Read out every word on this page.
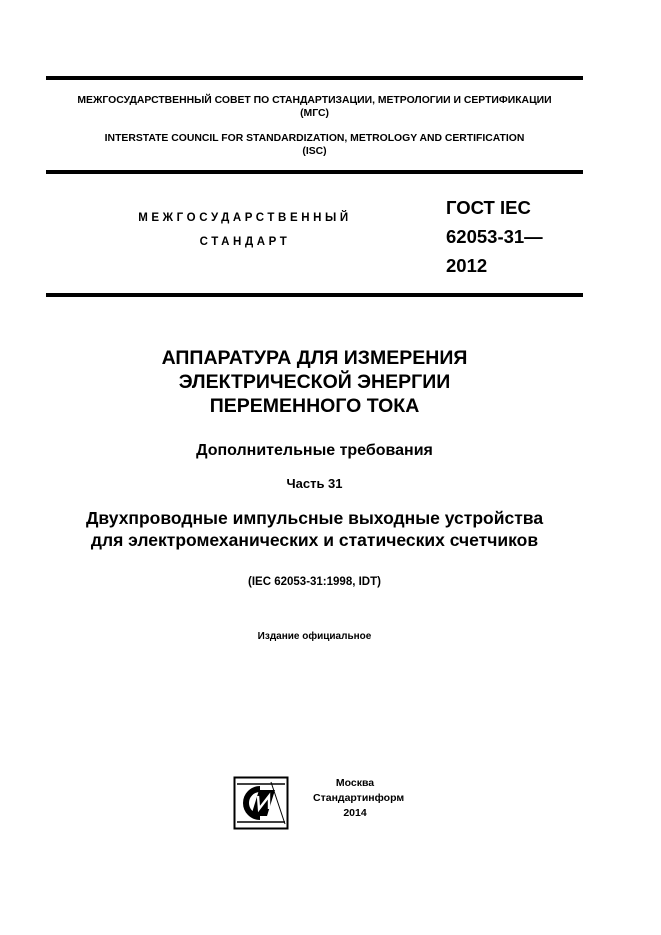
МЕЖГОСУДАРСТВЕННЫЙ СОВЕТ ПО СТАНДАРТИЗАЦИИ, МЕТРОЛОГИИ И СЕРТИФИКАЦИИ
(МГС)
INTERSTATE COUNCIL FOR STANDARDIZATION, METROLOGY AND CERTIFICATION
(ISC)
МЕЖГОСУДАРСТВЕННЫЙ
СТАНДАРТ
ГОСТ IEC
62053-31—
2012
АППАРАТУРА ДЛЯ ИЗМЕРЕНИЯ
ЭЛЕКТРИЧЕСКОЙ ЭНЕРГИИ
ПЕРЕМЕННОГО ТОКА
Дополнительные требования
Часть 31
Двухпроводные импульсные выходные устройства
для электромеханических и статических счетчиков
(IEC 62053-31:1998, IDT)
Издание официальное
Москва
Стандартинформ
2014
